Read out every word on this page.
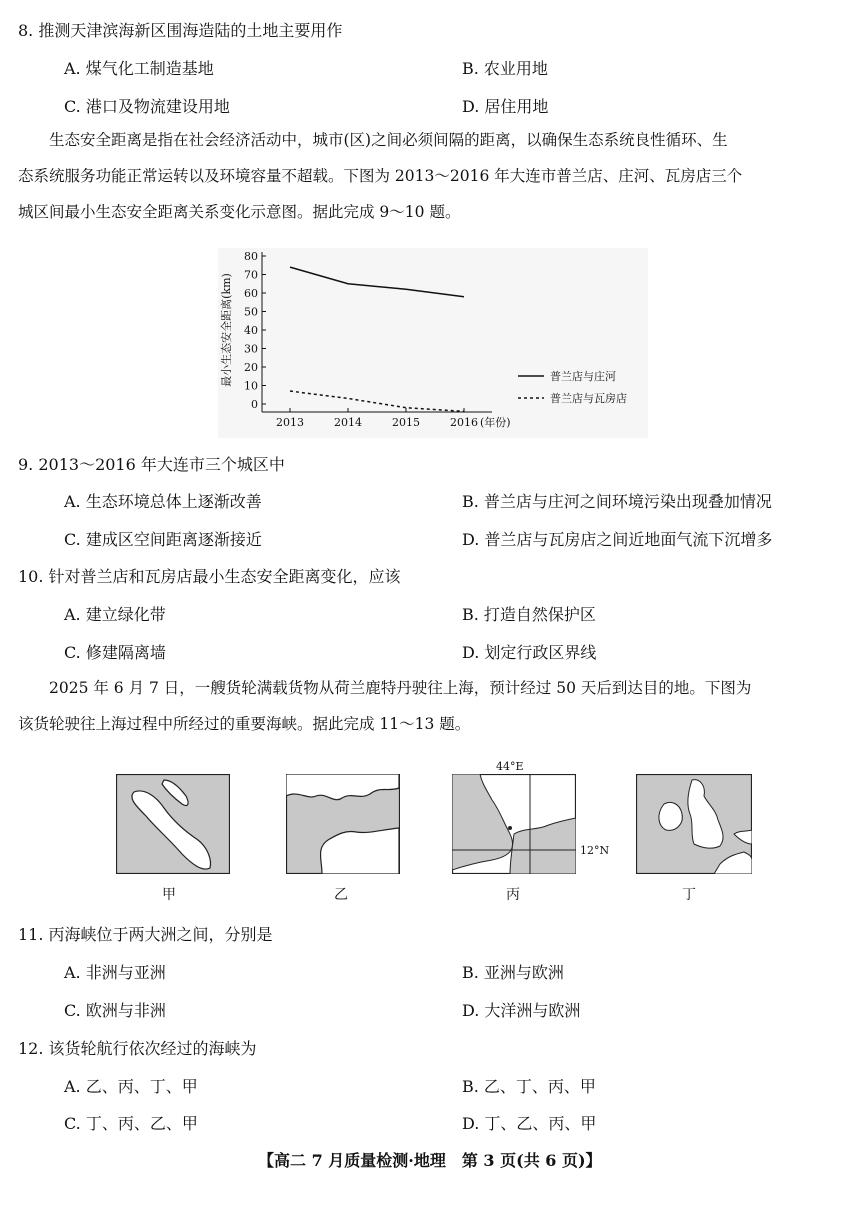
8. 推测天津滨海新区围海造陆的土地主要用作
A. 煤气化工制造基地	B. 农业用地
C. 港口及物流建设用地	D. 居住用地
生态安全距离是指在社会经济活动中，城市(区)之间必须间隔的距离，以确保生态系统良性循环、生
态系统服务功能正常运转以及环境容量不超载。下图为 2013～2016 年大连市普兰店、庄河、瓦房店三个
城区间最小生态安全距离关系变化示意图。据此完成 9～10 题。
0
10
20
30
40
50
60
70
80
2013	2014	2015	2016 (年份)
最小生态安全距离(km)	普兰店与庄河
普兰店与瓦房店
9. 2013～2016 年大连市三个城区中
A. 生态环境总体上逐渐改善	B. 普兰店与庄河之间环境污染出现叠加情况
C. 建成区空间距离逐渐接近	D. 普兰店与瓦房店之间近地面气流下沉增多
10. 针对普兰店和瓦房店最小生态安全距离变化，应该
A. 建立绿化带	B. 打造自然保护区
C. 修建隔离墙	D. 划定行政区界线
2025 年 6 月 7 日，一艘货轮满载货物从荷兰鹿特丹驶往上海，预计经过 50 天后到达目的地。下图为
该货轮驶往上海过程中所经过的重要海峡。据此完成 11～13 题。
甲	乙
44°E
12°N
丙	丁
11. 丙海峡位于两大洲之间，分别是
A. 非洲与亚洲	B. 亚洲与欧洲
C. 欧洲与非洲	D. 大洋洲与欧洲
12. 该货轮航行依次经过的海峡为
A. 乙、丙、丁、甲	B. 乙、丁、丙、甲
C. 丁、丙、乙、甲	D. 丁、乙、丙、甲
【高二 7 月质量检测·地理　第 3 页(共 6 页)】
